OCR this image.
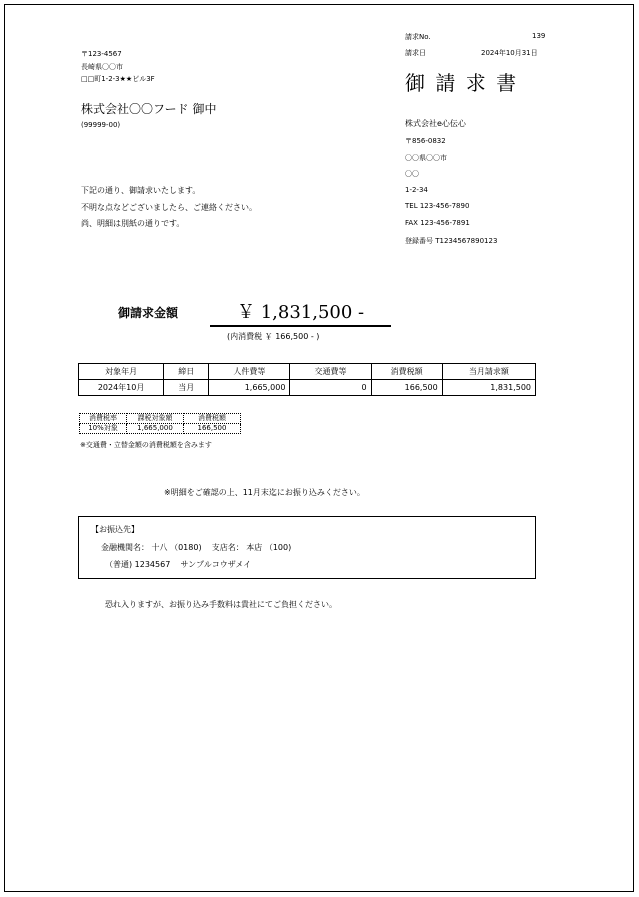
請求No.	139
請求日	2024年10月31日
御 請 求 書
〒123-4567
長崎県〇〇市
□□町1-2-3★★ビル3F
株式会社〇〇フード 御中
(99999-00)	株式会社e心伝心
〒856-0832
〇〇県〇〇市
〇〇
1-2-34
TEL 123-456-7890
FAX 123-456-7891
登録番号 T1234567890123
下記の通り、御請求いたします。
不明な点などございましたら、ご連絡ください。
尚、明細は別紙の通りです。
御請求金額	￥ 1,831,500 -
(内消費税 ￥ 166,500 - )
対象年月	締日	人件費等	交通費等	消費税額	当月請求額
2024年10月	当月	1,665,000	0	166,500	1,831,500
消費税率	課税対象額	消費税額
10%対象	1,665,000	166,500
※交通費・立替金額の消費税額を含みます
※明細をご確認の上、11月末迄にお振り込みください。
【お振込先】
金融機関名： 十八 （0180)    支店名： 本店 （100)
（普通) 1234567    サンプルコウザメイ
恐れ入りますが、お振り込み手数料は貴社にてご負担ください。
